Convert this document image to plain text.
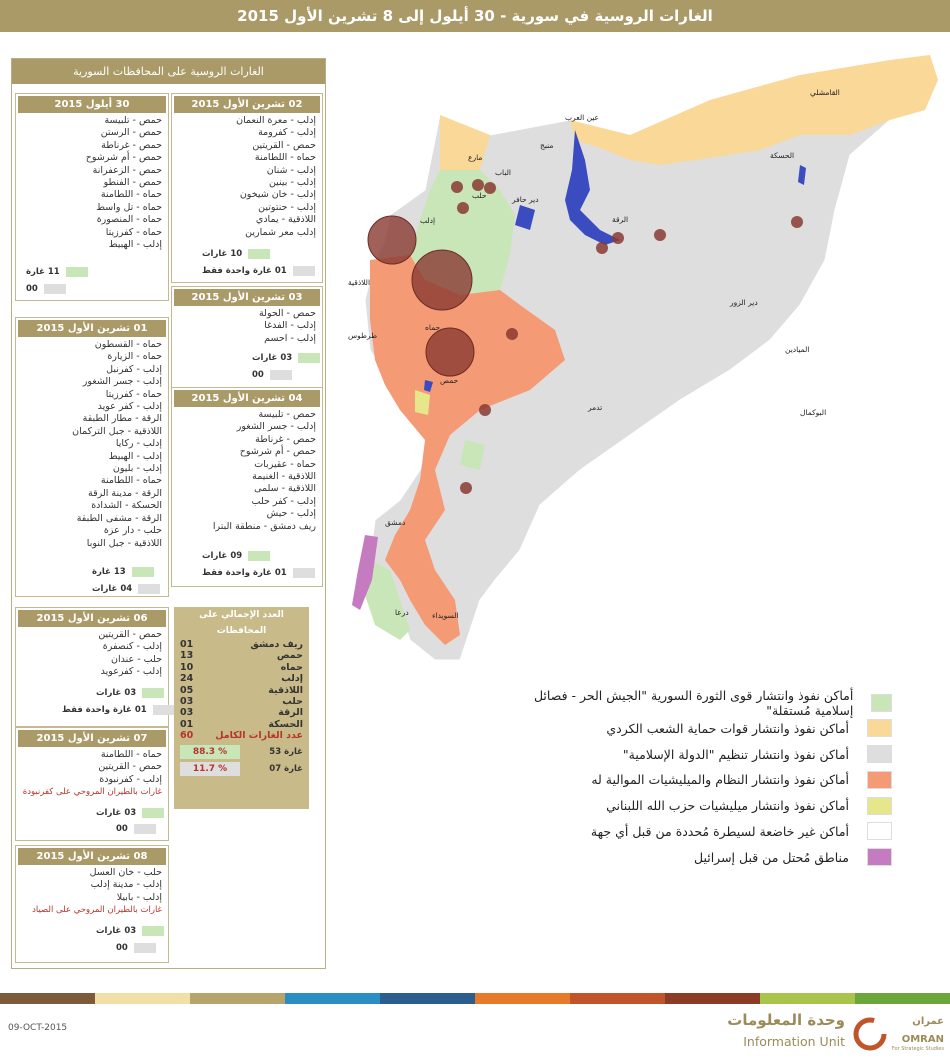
الغارات الروسية في سورية - 30 أيلول إلى 8 تشرين الأول 2015
الغارات الروسية على المحافظات السورية
30 أيلول 2015
حمص - تلبيسة
حمص - الرستن
حمص - غرناطة
حمص - أم شرشوح
حمص - الزعفرانة
حمص - الفنطو
حماه - اللطامنة
حماه - تل واسط
حماه - المنصورة
حماه - كفرزيتا
إدلب - الهبيط
11 غارة
00
02 تشرين الأول 2015
إدلب - معرة النعمان
إدلب - كفرومة
حمص - القريتين
حماه - اللطامنة
إدلب - شنان
إدلب - بينين
إدلب - خان شيخون
إدلب - حنتوتين
اللاذقية - يمادي
إدلب معر شمارين
10 غارات
01 غارة واحدة فقط
03 تشرين الأول 2015
حمص - الحولة
إدلب - الفدغا
إدلب - احسم
03 غارات
00
04 تشرين الأول 2015
حمص - تلبيسة
إدلب - جسر الشغور
حمص - غرناطة
حمص - أم شرشوح
حماه - عقيربات
اللاذقية - الغنيمة
اللاذقية - سلمى
إدلب - كفر حلب
إدلب - حيش
ريف دمشق - منطقة البترا
09 غارات
01 غارة واحدة فقط
01 تشرين الأول 2015
حماه - القسطون
حماه - الزيارة
إدلب - كفرنبل
إدلب - جسر الشغور
حماه - كفرزيتا
إدلب - كفر عويد
الرقة - مطار الطبقة
اللاذقية - جبل التركمان
إدلب - ركايا
إدلب - الهبيط
إدلب - بليون
حماه - اللطامنة
الرقة - مدينة الرقة
الحسكة - الشدادة
الرقة - مشفى الطبقة
حلب - دار عزة
اللاذقية - جبل النوبا
13 غارة
04 غارات
06 تشرين الأول 2015
حمص - القريتين
إدلب - كنصفرة
حلب - عندان
إدلب - كفرعويد
03 غارات
01 غارة واحدة فقط
07 تشرين الأول 2015
حماه - اللطامنة
حمص - القريتين
إدلب - كفرنبودة
غارات بالطيران المروحي على كفرنبودة
03 غارات
00
08 تشرين الأول 2015
حلب - خان العسل
إدلب - مدينة إدلب
إدلب - بابيلا
غارات بالطيران المروحي على الصياد
03 غارات
00
العدد الإجمالي على المحافظات
01	ريف دمشق
13	حمص
10	حماه
24	إدلب
05	اللاذقية
03	حلب
03	الرقة
01	الحسكة
60 عدد الغارات الكامل
88.3 %	53 غارة
11.7 %	07 غارة
القامشلي
الحسكة
عين العرب
منبج
مارع
الباب
حلب	دير حافر
الرقة
إدلب
اللاذقية
طرطوس
حماه
حمص
دير الزور
الميادين
تدمر
البوكمال
دمشق
درعا	السويداء
أماكن نفوذ وانتشار قوى الثورة السورية "الجيش الحر - فصائل إسلامية مُستقلة"
أماكن نفوذ وانتشار قوات حماية الشعب الكردي
أماكن نفوذ وانتشار تنظيم "الدولة الإسلامية"
أماكن نفوذ وانتشار النظام والميليشيات الموالية له
أماكن نفوذ وانتشار ميليشيات حزب الله اللبناني
أماكن غير خاضعة لسيطرة مُحددة من قبل أي جهة
مناطق مُحتل من قبل إسرائيل
09-OCT-2015	وحدة المعلومات
Information Unit
عمران
OMRAN
For Strategic Studies
